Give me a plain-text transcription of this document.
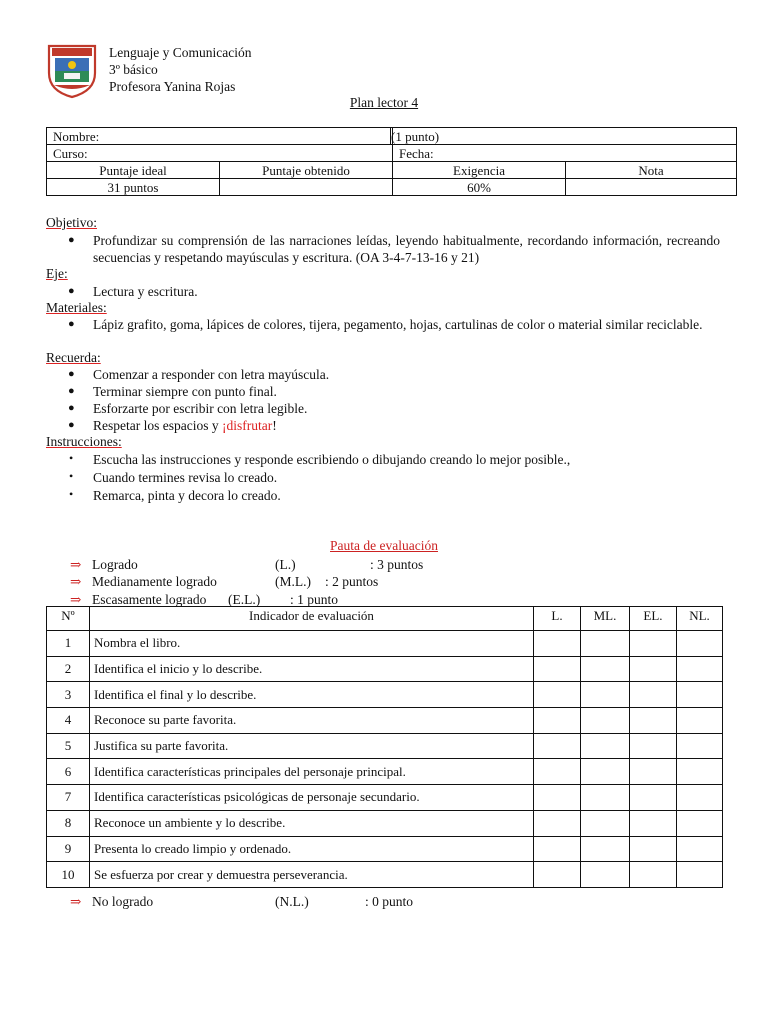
Lenguaje y Comunicación
3º básico
Profesora Yanina Rojas
Plan lector 4
Nombre:		(1 punto)	
Curso:		Fecha:	
Puntaje ideal	Puntaje obtenido	Exigencia	Nota
31 puntos		60%	
Objetivo:
● Profundizar su comprensión de las narraciones leídas, leyendo habitualmente, recordando información, recreando secuencias y respetando mayúsculas y escritura. (OA 3-4-7-13-16 y 21)
Eje:
● Lectura y escritura.
Materiales:
● Lápiz grafito, goma, lápices de colores, tijera, pegamento, hojas, cartulinas de color o material similar reciclable.
Recuerda:
● Comenzar a responder con letra mayúscula.
● Terminar siempre con punto final.
● Esforzarte por escribir con letra legible.
● Respetar los espacios y ¡disfrutar!
Instrucciones:
• Escucha las instrucciones y responde escribiendo o dibujando creando lo mejor posible.,
• Cuando termines revisa lo creado.
• Remarca, pinta y decora lo creado.
Pauta de evaluación
⇒ Logrado	(L.)	: 3 puntos
⇒ Medianamente logrado	(M.L.) : 2 puntos
⇒ Escasamente logrado (E.L.) : 1 punto
Nº	Indicador de evaluación	L.	ML.	EL.	NL.
1	Nombra el libro.				
2	Identifica el inicio y lo describe.				
3	Identifica el final y lo describe.				
4	Reconoce su parte favorita.				
5	Justifica su parte favorita.				
6	Identifica características principales del personaje principal.				
7	Identifica características psicológicas de personaje secundario.				
8	Reconoce un ambiente y lo describe.				
9	Presenta lo creado limpio y ordenado.				
10	Se esfuerza por crear y demuestra perseverancia.				
⇒ No logrado	(N.L.)	: 0 punto
